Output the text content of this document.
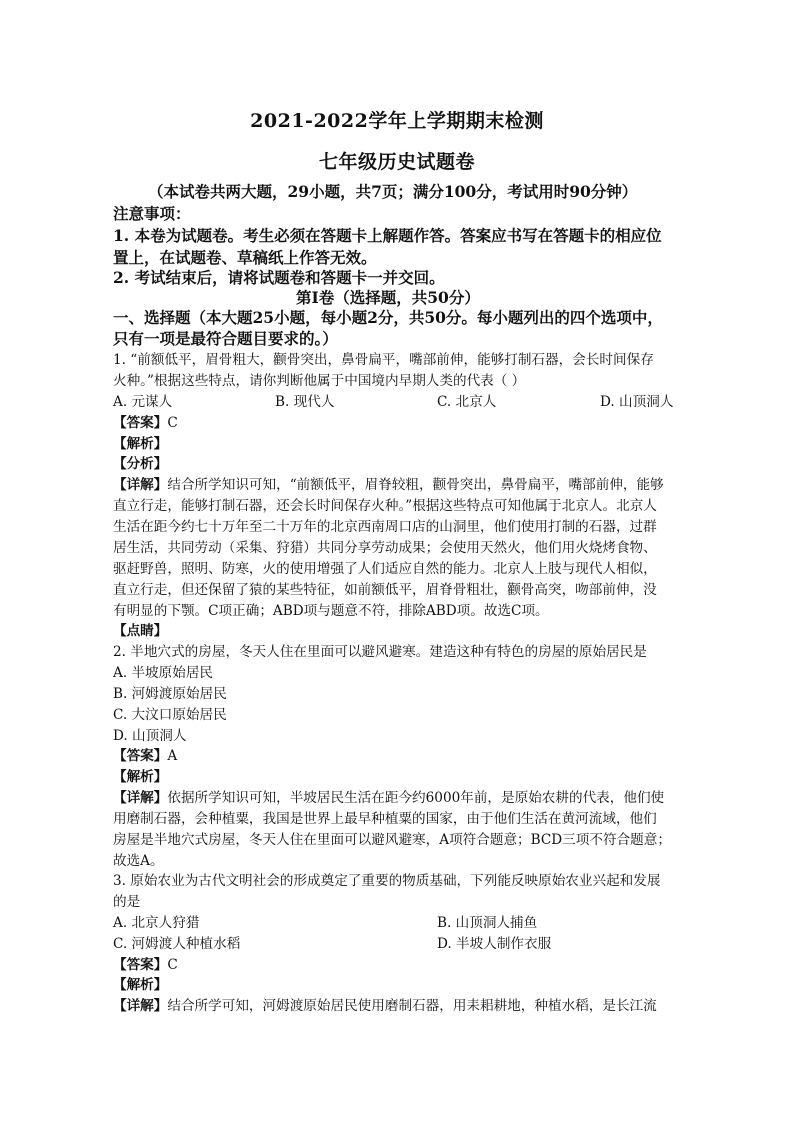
2021-2022学年上学期期末检测
七年级历史试题卷
（本试卷共两大题，29小题，共7页；满分100分，考试用时90分钟）
注意事项：
1. 本卷为试题卷。考生必须在答题卡上解题作答。答案应书写在答题卡的相应位
置上，在试题卷、草稿纸上作答无效。
2. 考试结束后，请将试题卷和答题卡一并交回。
第Ⅰ卷（选择题，共50分）
一、选择题（本大题25小题，每小题2分，共50分。每小题列出的四个选项中，
只有一项是最符合题目要求的。）
1. “前额低平，眉骨粗大，颧骨突出，鼻骨扁平，嘴部前伸，能够打制石器，会长时间保存
火种。”根据这些特点，请你判断他属于中国境内早期人类的代表（ ）
A. 元谋人	B. 现代人	C. 北京人	D. 山顶洞人
【答案】C
【解析】
【分析】
【详解】结合所学知识可知，“前额低平，眉脊较粗，颧骨突出，鼻骨扁平，嘴部前伸，能够
直立行走，能够打制石器，还会长时间保存火种。”根据这些特点可知他属于北京人。北京人
生活在距今约七十万年至二十万年的北京西南周口店的山洞里，他们使用打制的石器，过群
居生活，共同劳动（采集、狩猎）共同分享劳动成果；会使用天然火，他们用火烧烤食物、
驱赶野兽，照明、防寒，火的使用增强了人们适应自然的能力。北京人上肢与现代人相似，
直立行走，但还保留了猿的某些特征，如前额低平，眉脊骨粗壮，颧骨高突，吻部前伸，没
有明显的下颚。C项正确；ABD项与题意不符，排除ABD项。故选C项。
【点睛】
2. 半地穴式的房屋，冬天人住在里面可以避风避寒。建造这种有特色的房屋的原始居民是
A. 半坡原始居民
B. 河姆渡原始居民
C. 大汶口原始居民
D. 山顶洞人
【答案】A
【解析】
【详解】依据所学知识可知，半坡居民生活在距今约6000年前，是原始农耕的代表，他们使
用磨制石器，会种植粟，我国是世界上最早种植粟的国家，由于他们生活在黄河流域，他们
房屋是半地穴式房屋，冬天人住在里面可以避风避寒，A项符合题意；BCD三项不符合题意；
故选A。
3. 原始农业为古代文明社会的形成奠定了重要的物质基础，下列能反映原始农业兴起和发展
的是
A. 北京人狩猎	B. 山顶洞人捕鱼
C. 河姆渡人种植水稻	D. 半坡人制作衣服
【答案】C
【解析】
【详解】结合所学可知，河姆渡原始居民使用磨制石器，用耒耜耕地，种植水稻，是长江流
